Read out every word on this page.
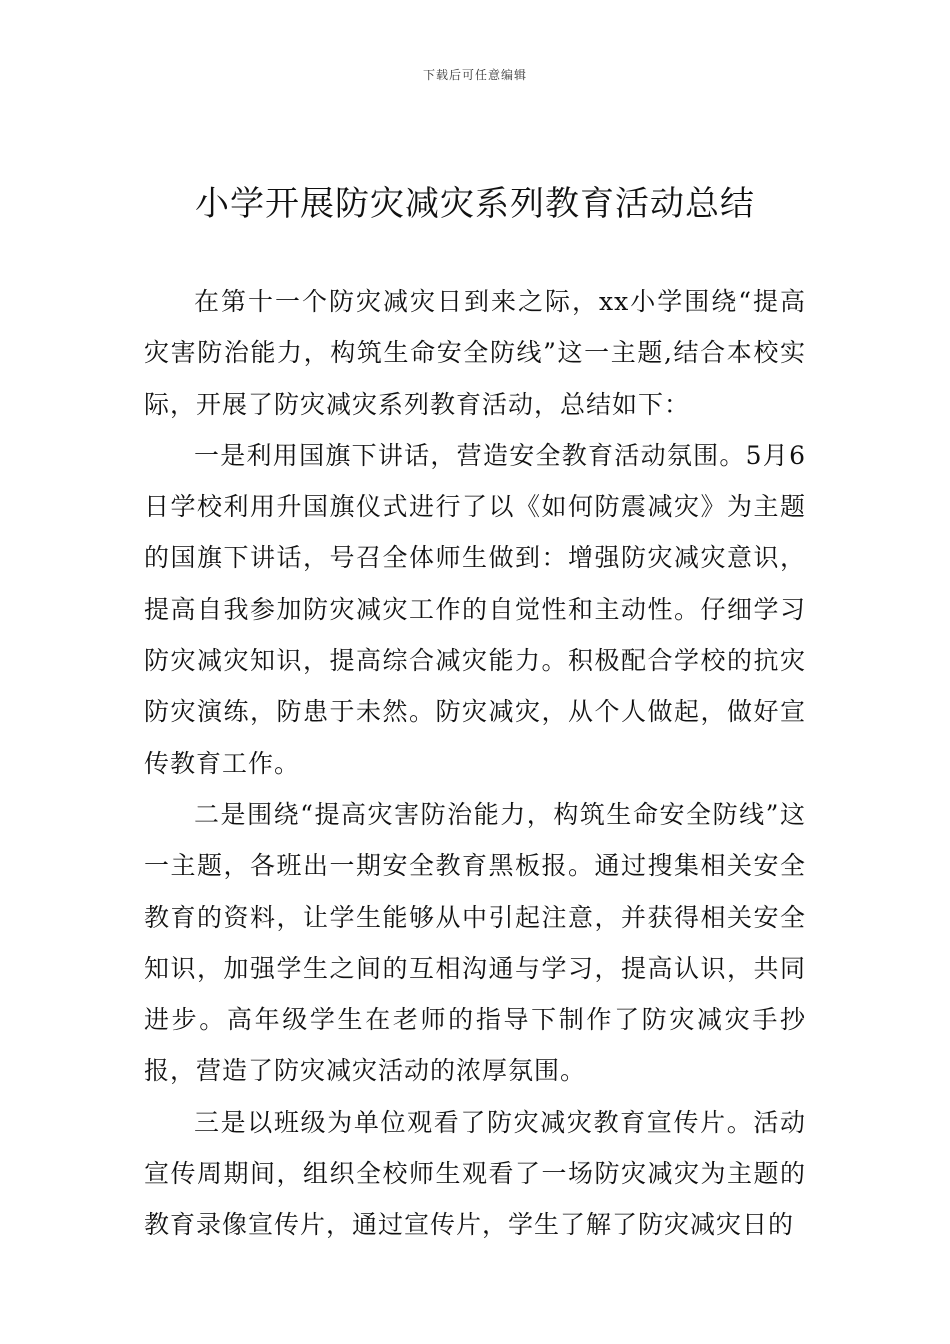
下载后可任意编辑
小学开展防灾减灾系列教育活动总结

在第十一个防灾减灾日到来之际，xx小学围绕“提高灾害防治能力，构筑生命安全防线”这一主题,结合本校实际，开展了防灾减灾系列教育活动，总结如下：

一是利用国旗下讲话，营造安全教育活动氛围。5月6日学校利用升国旗仪式进行了以《如何防震减灾》为主题的国旗下讲话，号召全体师生做到：增强防灾减灾意识，提高自我参加防灾减灾工作的自觉性和主动性。仔细学习防灾减灾知识，提高综合减灾能力。积极配合学校的抗灾防灾演练，防患于未然。防灾减灾，从个人做起，做好宣传教育工作。

二是围绕“提高灾害防治能力，构筑生命安全防线”这一主题，各班出一期安全教育黑板报。通过搜集相关安全教育的资料，让学生能够从中引起注意，并获得相关安全知识，加强学生之间的互相沟通与学习，提高认识，共同进步。高年级学生在老师的指导下制作了防灾减灾手抄报，营造了防灾减灾活动的浓厚氛围。

三是以班级为单位观看了防灾减灾教育宣传片。活动宣传周期间，组织全校师生观看了一场防灾减灾为主题的教育录像宣传片，通过宣传片，学生了解了防灾减灾日的
